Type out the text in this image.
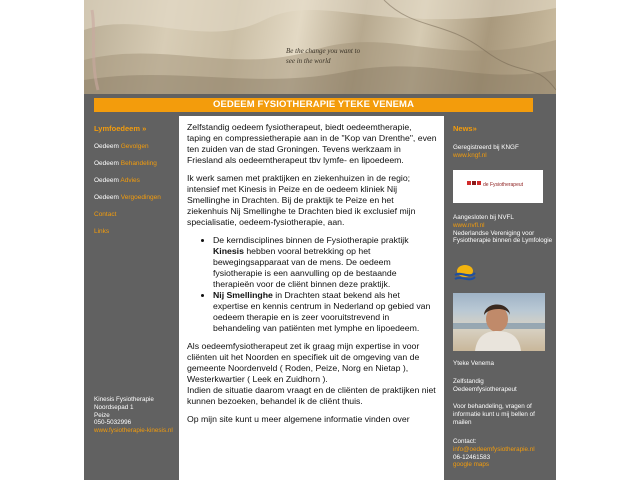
Be the change you want to
see in the world
OEDEEM FYSIOTHERAPIE YTEKE VENEMA
Lymfoedeem »
Oedeem Gevolgen
Oedeem Behandeling
Oedeem Advies
Oedeem Vergoedingen
Contact
Links
Kinesis Fysiotherapie
Noordsepad 1
Peize
050-5032996
www.fysiotherapie-kinesis.nl

Zelfstandig oedeem fysiotherapeut, biedt oedeemtherapie, taping en compressietherapie aan in de "Kop van Drenthe", even ten zuiden van de stad Groningen. Tevens werkzaam in Friesland als oedeemtherapeut tbv lymfe- en lipoedeem.

Ik werk samen met praktijken en ziekenhuizen in de regio; intensief met Kinesis in Peize en de oedeem kliniek Nij Smellinghe in Drachten. Bij de praktijk te Peize en het ziekenhuis Nij Smellinghe te Drachten bied ik exclusief mijn specialisatie, oedeem-fysiotherapie, aan.

• De kerndisciplines binnen de Fysiotherapie praktijk Kinesis hebben vooral betrekking op het bewegingsapparaat van de mens. De oedeem fysiotherapie is een aanvulling op de bestaande therapieën voor de cliënt binnen deze praktijk.
• Nij Smellinghe in Drachten staat bekend als het expertise en kennis centrum in Nederland op gebied van oedeem therapie en is zeer vooruitstrevend in behandeling van patiënten met lymphe en lipoedeem.

Als oedeemfysiotherapeut zet ik graag mijn expertise in voor cliënten uit het Noorden en specifiek uit de omgeving van de gemeente Noordenveld ( Roden, Peize, Norg en Nietap ), Westerkwartier ( Leek en Zuidhorn ).
Indien de situatie daarom vraagt en de cliënten de praktijken niet kunnen bezoeken, behandel ik de cliënt thuis.

Op mijn site kunt u meer algemene informatie vinden over

News»
Geregistreerd bij KNGF
www.kngf.nl
de Fysiotherapeut
Aangesloten bij NVFL
www.nvfl.nl
Nederlandse Vereniging voor Fysiotherapie binnen de Lymfologie
Yteke Venema
Zelfstandig
Oedeemfysiotherapeut
Voor behandeling, vragen of informatie kunt u mij bellen of mailen
Contact:
info@oedeemfysiotherapie.nl
06-12461583
google maps
